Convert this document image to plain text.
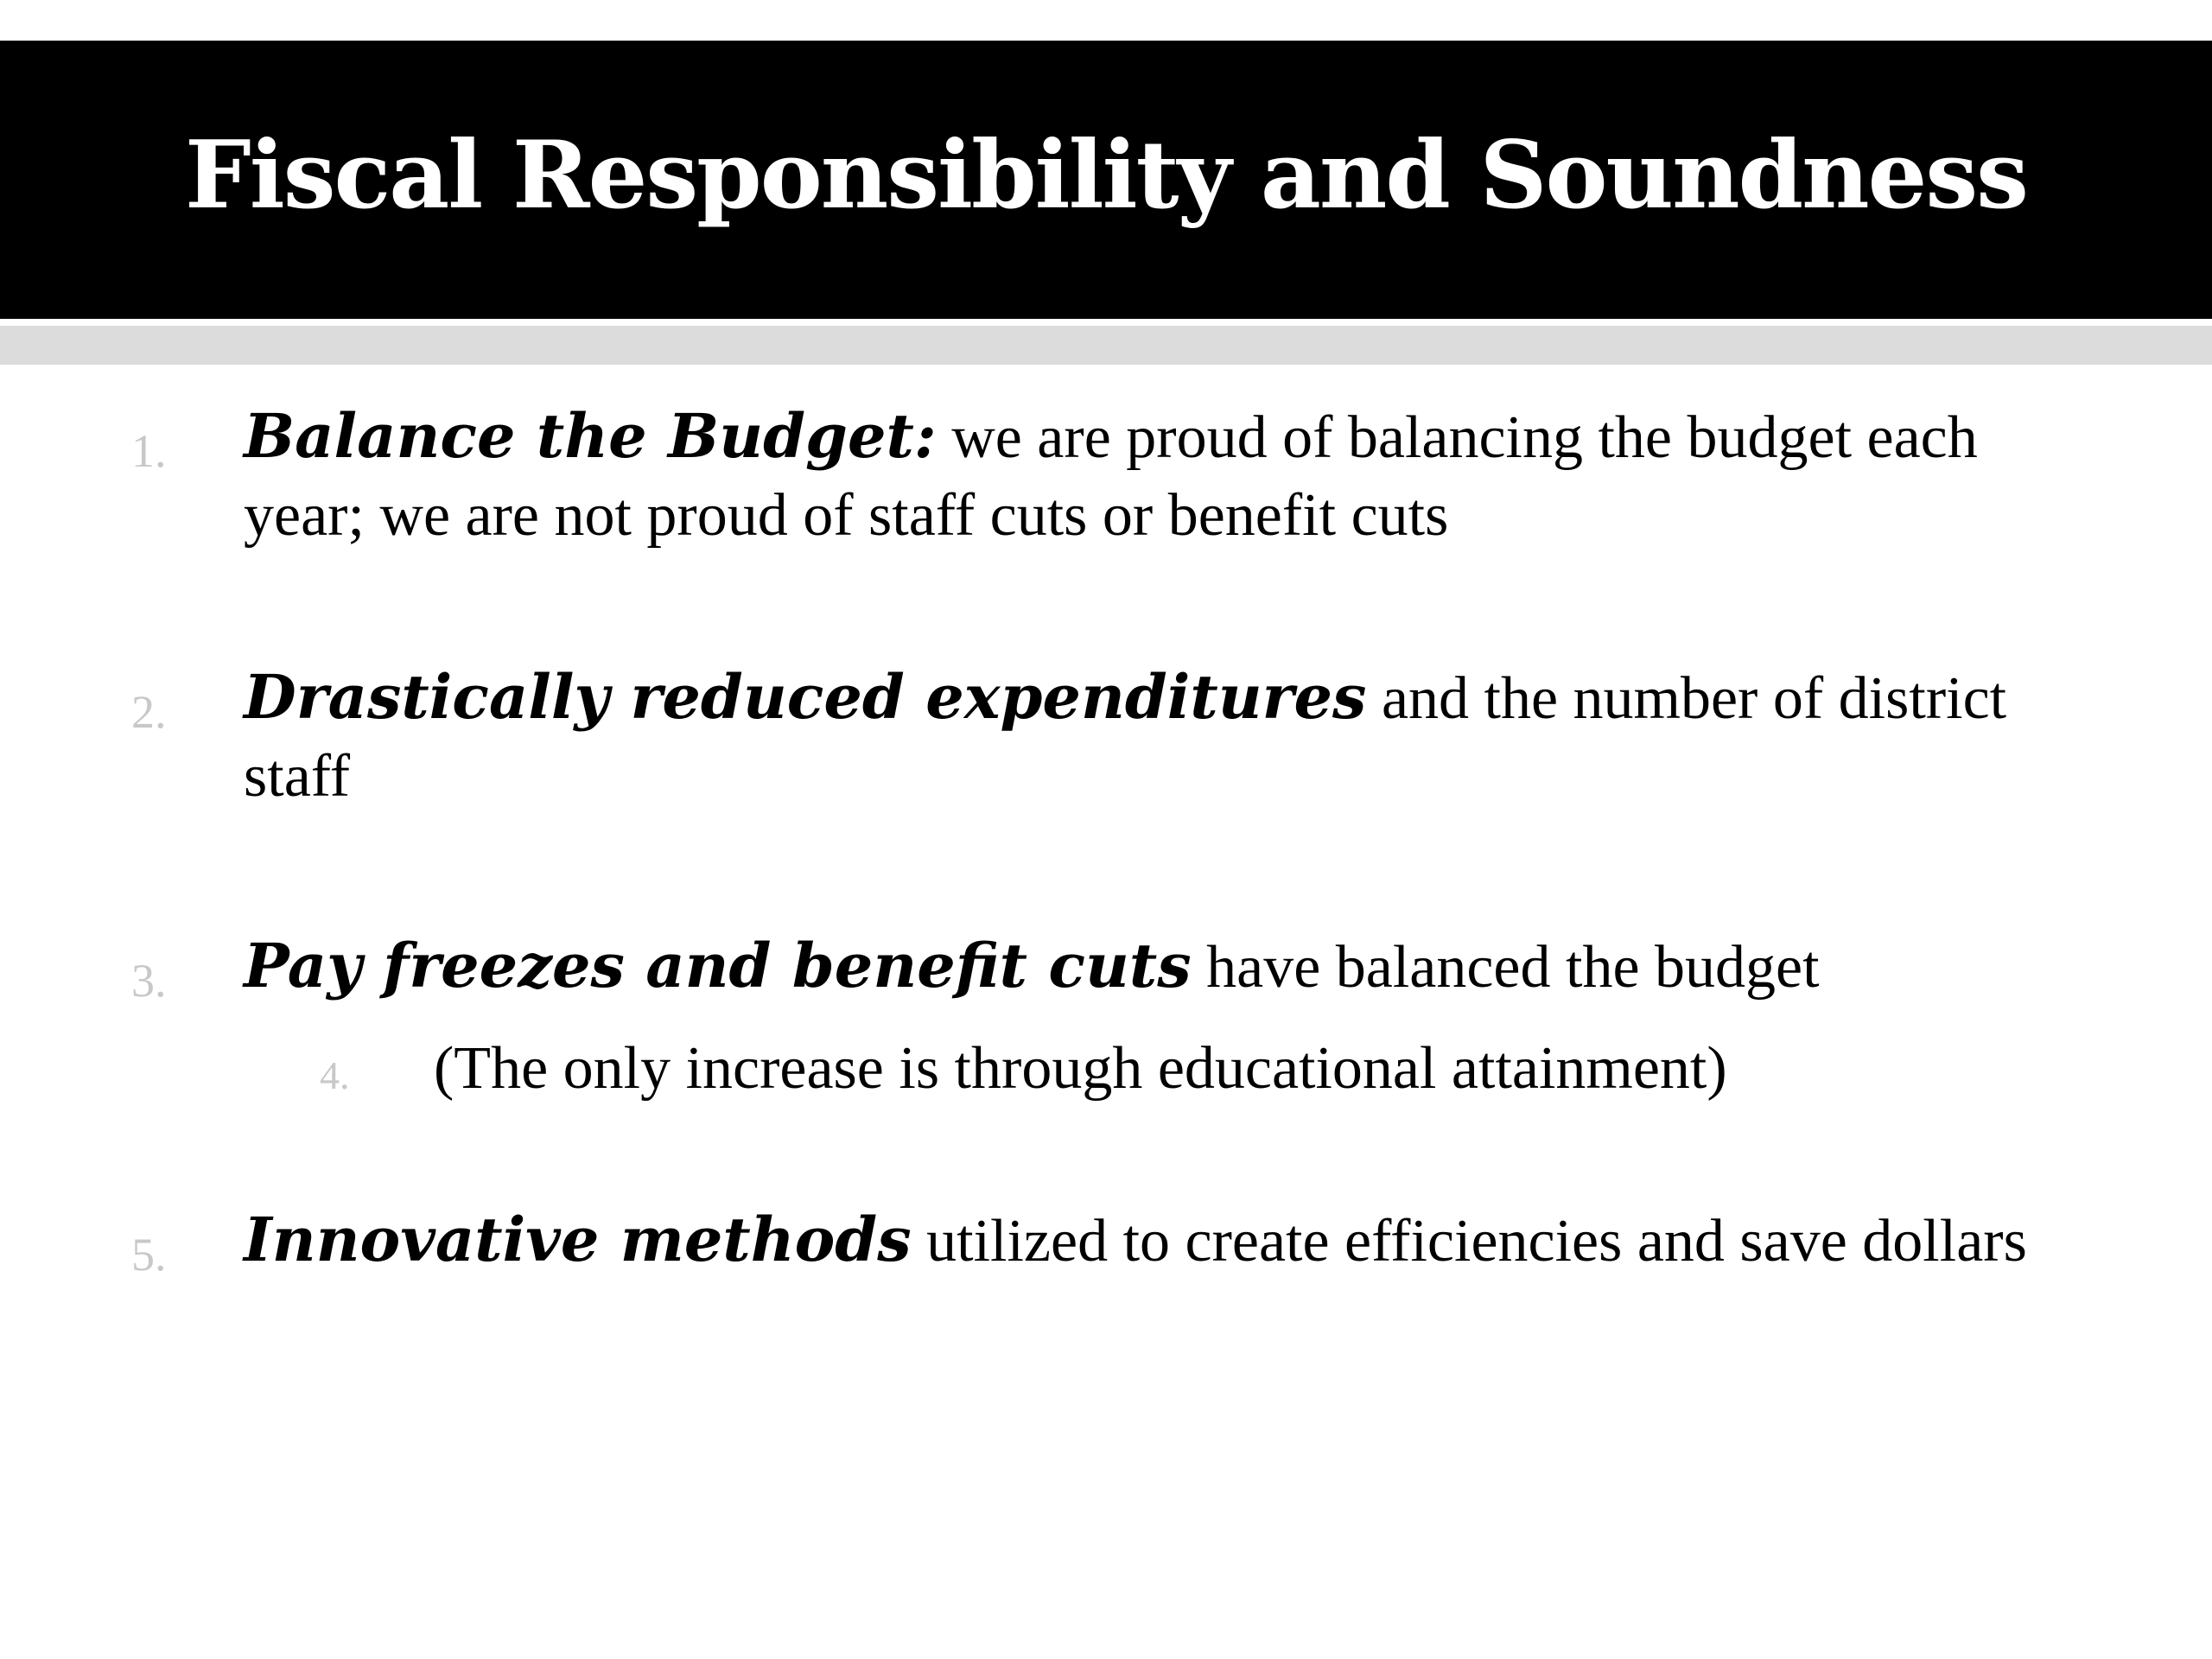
Fiscal Responsibility and Soundness
1. Balance the Budget: we are proud of balancing the budget each year; we are not proud of staff cuts or benefit cuts
2. Drastically reduced expenditures and the number of district staff
3. Pay freezes and benefit cuts have balanced the budget
4. (The only increase is through educational attainment)
5. Innovative methods utilized to create efficiencies and save dollars
